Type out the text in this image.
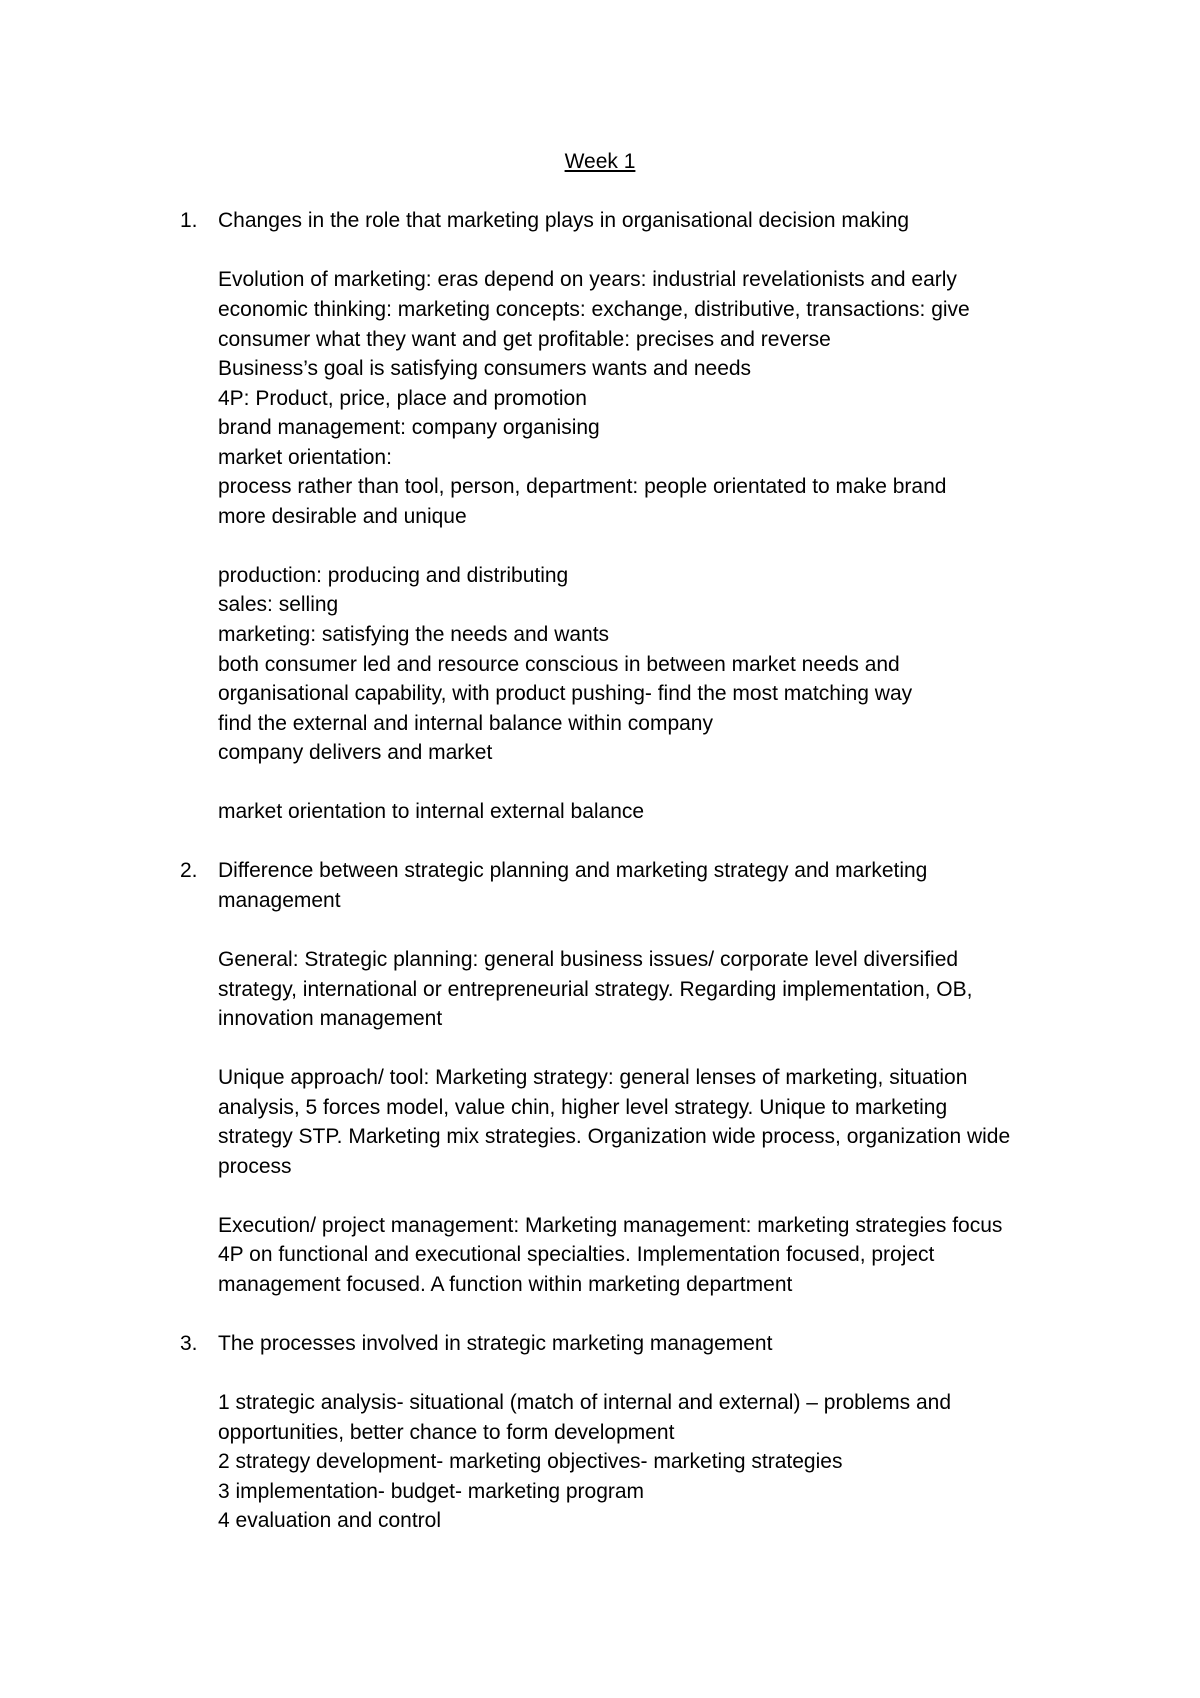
Week 1
1. Changes in the role that marketing plays in organisational decision making
Evolution of marketing: eras depend on years: industrial revelationists and early
economic thinking: marketing concepts: exchange, distributive, transactions: give
consumer what they want and get profitable: precises and reverse
Business’s goal is satisfying consumers wants and needs
4P: Product, price, place and promotion
brand management: company organising
market orientation:
process rather than tool, person, department: people orientated to make brand
more desirable and unique
production: producing and distributing
sales: selling
marketing: satisfying the needs and wants
both consumer led and resource conscious in between market needs and
organisational capability, with product pushing- find the most matching way
find the external and internal balance within company
company delivers and market
market orientation to internal external balance
2. Difference between strategic planning and marketing strategy and marketing
management
General: Strategic planning: general business issues/ corporate level diversified
strategy, international or entrepreneurial strategy. Regarding implementation, OB,
innovation management
Unique approach/ tool: Marketing strategy: general lenses of marketing, situation
analysis, 5 forces model, value chin, higher level strategy. Unique to marketing
strategy STP. Marketing mix strategies. Organization wide process, organization wide
process
Execution/ project management: Marketing management: marketing strategies focus
4P on functional and executional specialties. Implementation focused, project
management focused. A function within marketing department
3. The processes involved in strategic marketing management
1 strategic analysis- situational (match of internal and external) – problems and
opportunities, better chance to form development
2 strategy development- marketing objectives- marketing strategies
3 implementation- budget- marketing program
4 evaluation and control
